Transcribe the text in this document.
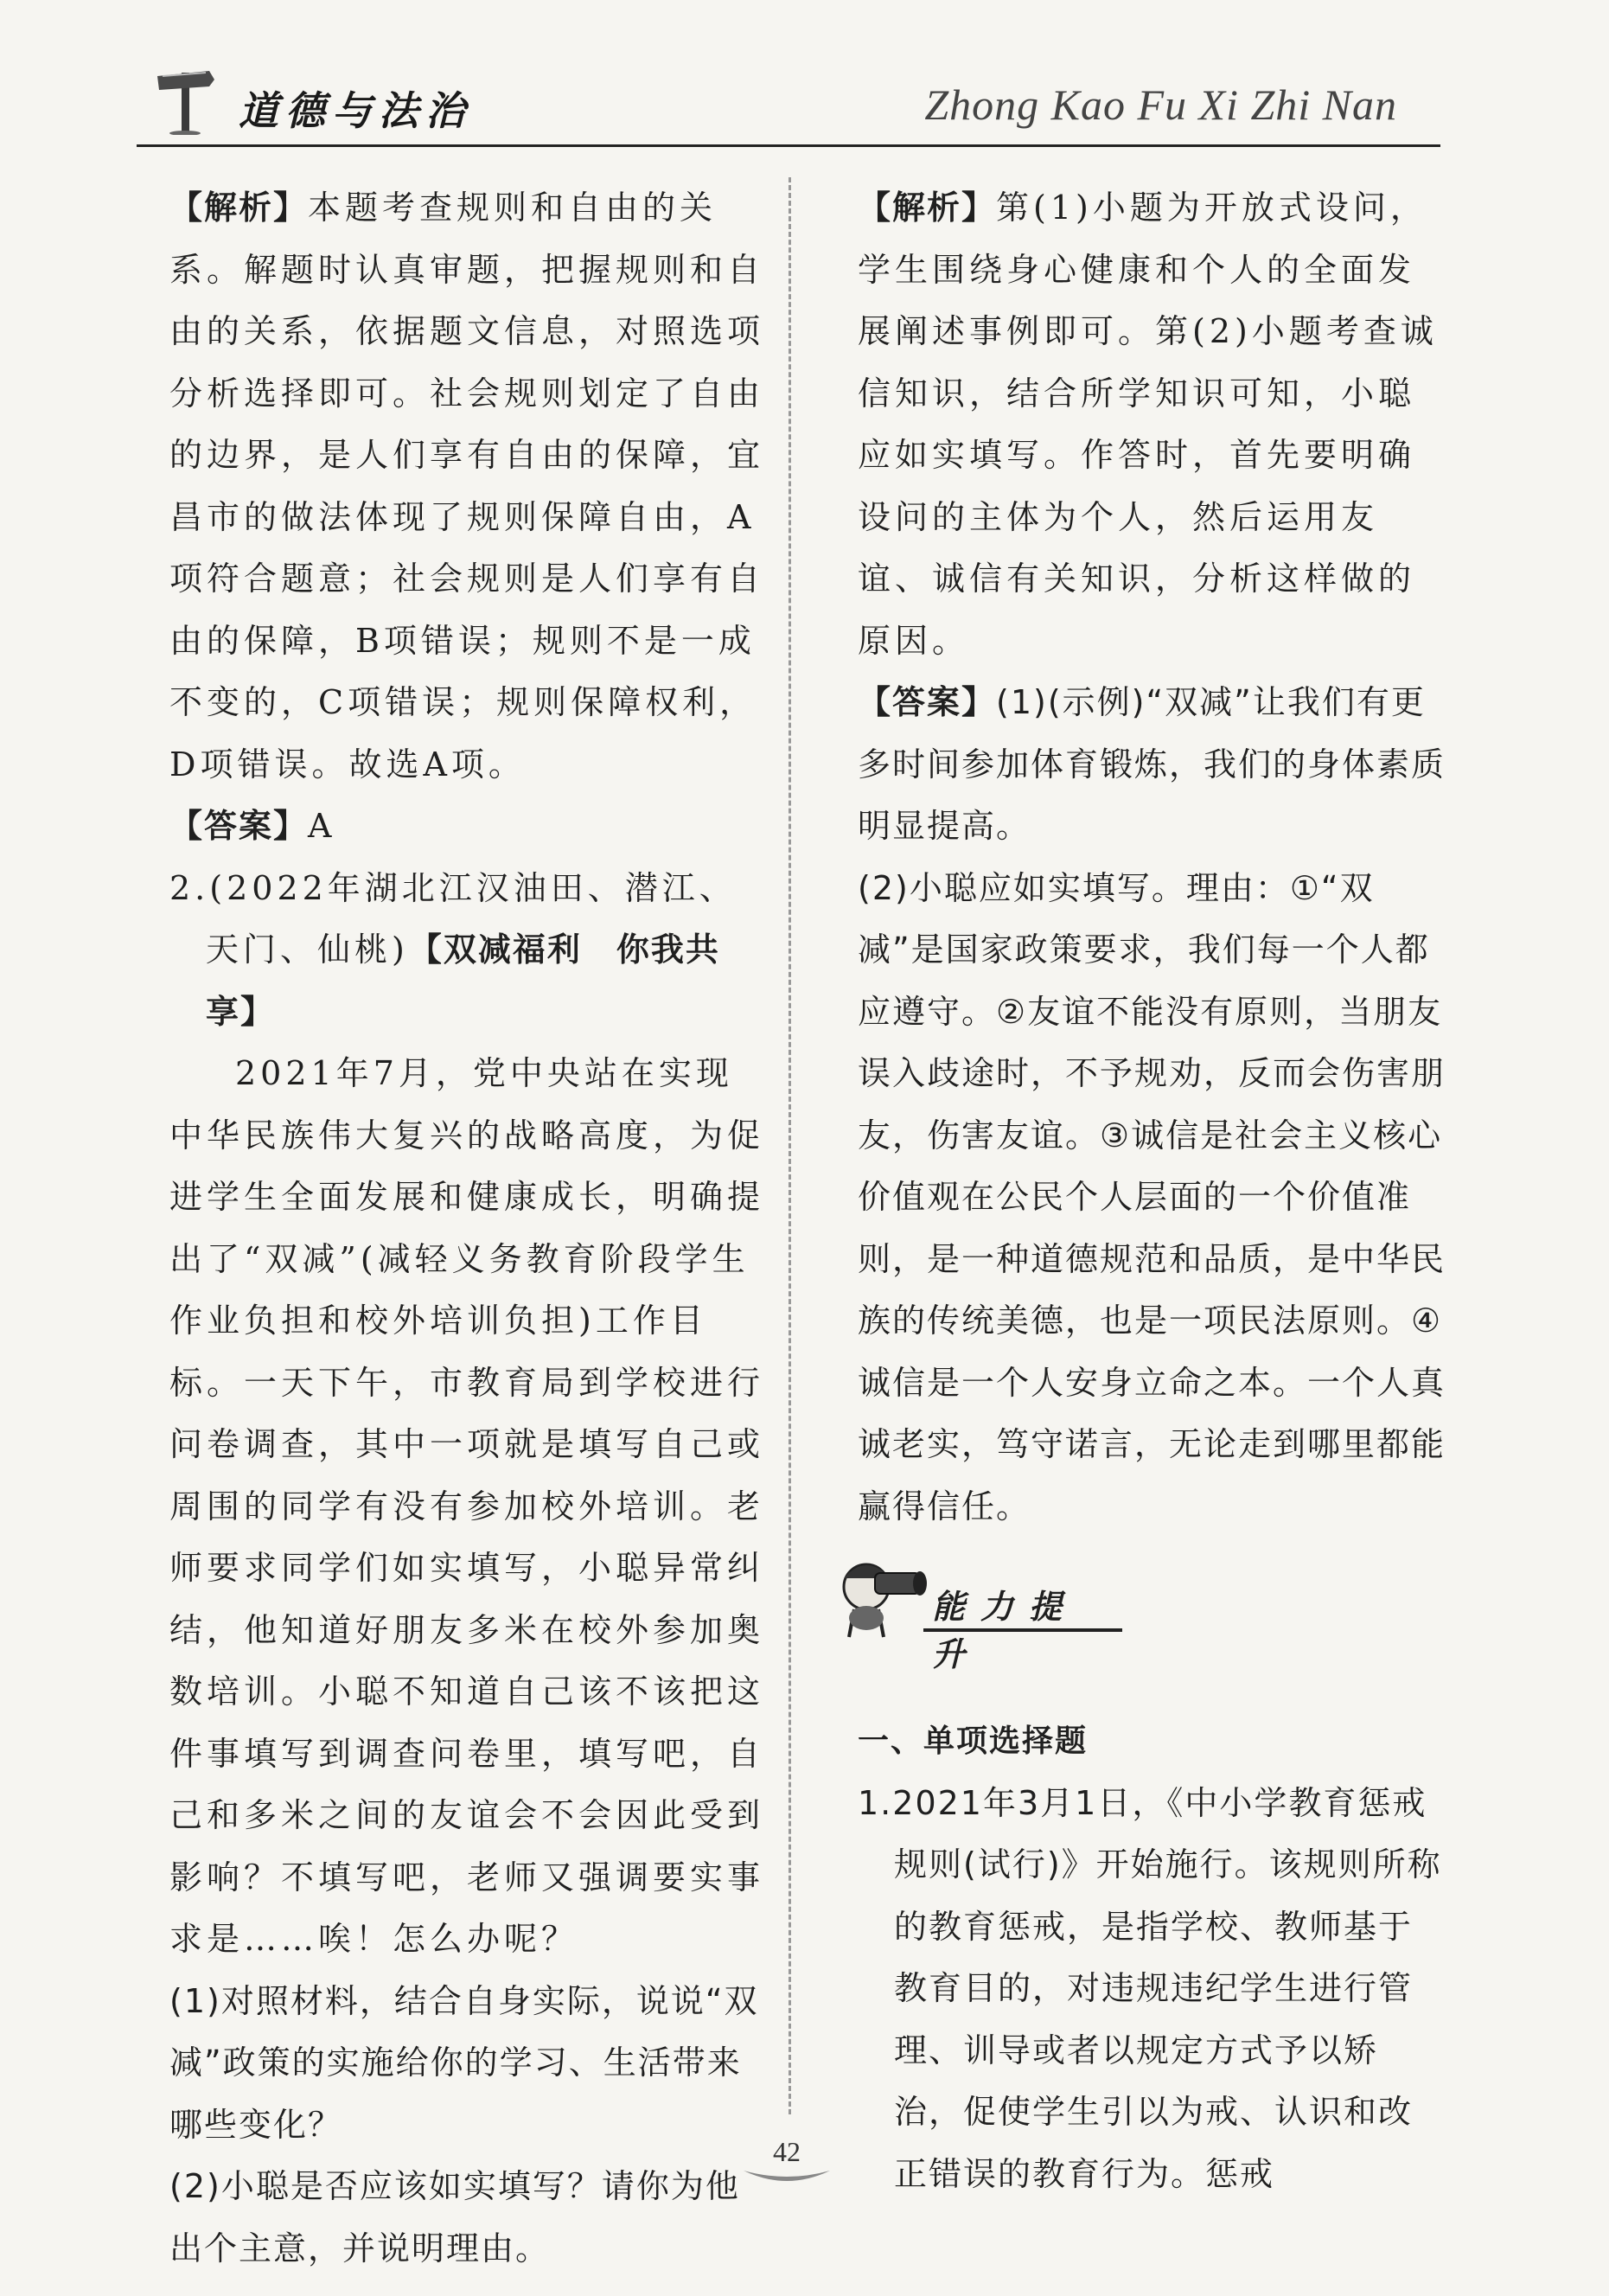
道德与法治	Zhong Kao Fu Xi Zhi Nan

【解析】本题考查规则和自由的关系。解题时认真审题，把握规则和自由的关系，依据题文信息，对照选项分析选择即可。社会规则划定了自由的边界，是人们享有自由的保障，宜昌市的做法体现了规则保障自由，A项符合题意；社会规则是人们享有自由的保障，B项错误；规则不是一成不变的，C项错误；规则保障权利，D项错误。故选A项。

【答案】A

2.(2022年湖北江汉油田、潜江、天门、仙桃)【双减福利　你我共享】

2021年7月，党中央站在实现中华民族伟大复兴的战略高度，为促进学生全面发展和健康成长，明确提出了“双减”(减轻义务教育阶段学生作业负担和校外培训负担)工作目标。一天下午，市教育局到学校进行问卷调查，其中一项就是填写自己或周围的同学有没有参加校外培训。老师要求同学们如实填写，小聪异常纠结，他知道好朋友多米在校外参加奥数培训。小聪不知道自己该不该把这件事填写到调查问卷里，填写吧，自己和多米之间的友谊会不会因此受到影响？不填写吧，老师又强调要实事求是……唉！怎么办呢？

(1)对照材料，结合自身实际，说说“双减”政策的实施给你的学习、生活带来哪些变化？

(2)小聪是否应该如实填写？请你为他出个主意，并说明理由。

【解析】第(1)小题为开放式设问，学生围绕身心健康和个人的全面发展阐述事例即可。第(2)小题考查诚信知识，结合所学知识可知，小聪应如实填写。作答时，首先要明确设问的主体为个人，然后运用友谊、诚信有关知识，分析这样做的原因。

【答案】(1)(示例)“双减”让我们有更多时间参加体育锻炼，我们的身体素质明显提高。

(2)小聪应如实填写。理由：①“双减”是国家政策要求，我们每一个人都应遵守。②友谊不能没有原则，当朋友误入歧途时，不予规劝，反而会伤害朋友，伤害友谊。③诚信是社会主义核心价值观在公民个人层面的一个价值准则，是一种道德规范和品质，是中华民族的传统美德，也是一项民法原则。④诚信是一个人安身立命之本。一个人真诚老实，笃守诺言，无论走到哪里都能赢得信任。

一、单项选择题

1.2021年3月1日，《中小学教育惩戒规则(试行)》开始施行。该规则所称的教育惩戒，是指学校、教师基于教育目的，对违规违纪学生进行管理、训导或者以规定方式予以矫治，促使学生引以为戒、认识和改正错误的教育行为。惩戒

能力提升
42
